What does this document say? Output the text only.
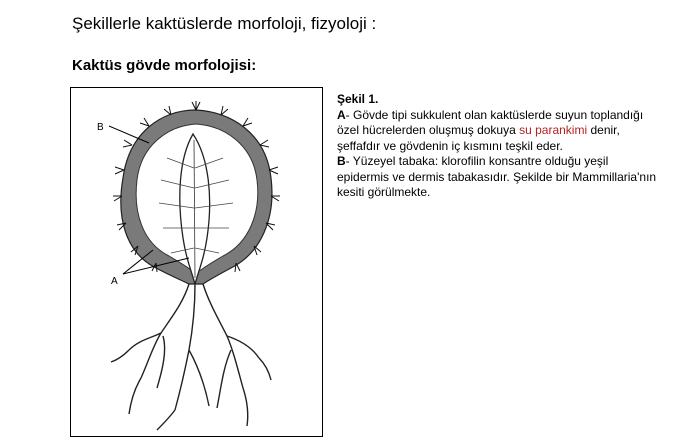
Şekillerle kaktüslerde morfoloji, fizyoloji :
Kaktüs gövde morfolojisi:
B
A
Şekil 1.

A- Gövde tipi sukkulent olan kaktüslerde suyun toplandığı özel hücrelerden oluşmuş dokuya su parankimi denir, şeffafdır ve gövdenin iç kısmını teşkil eder.

B- Yüzeyel tabaka: klorofilin konsantre olduğu yeşil epidermis ve dermis tabakasıdır. Şekilde bir Mammillaria'nın kesiti görülmekte.
